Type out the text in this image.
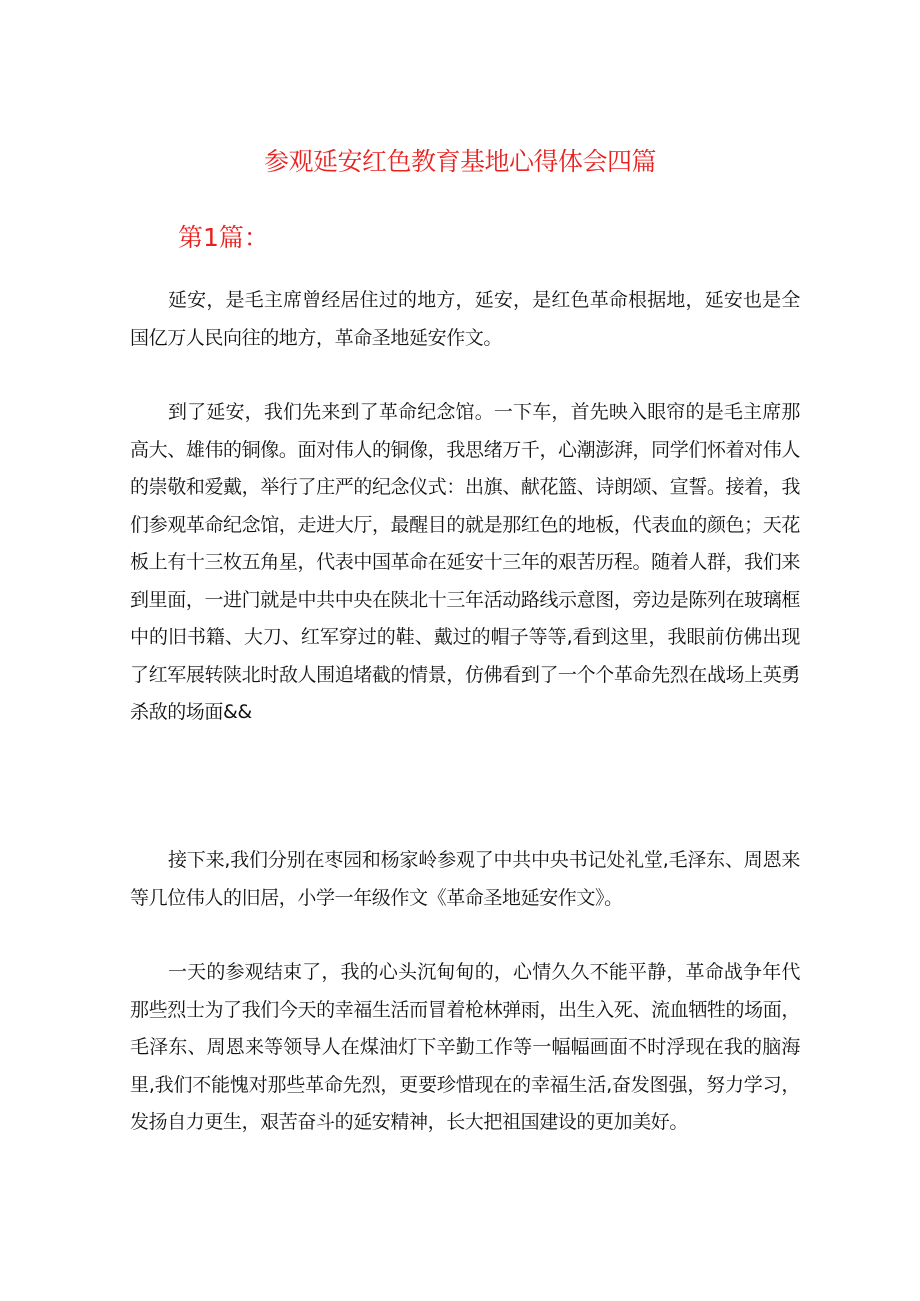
参观延安红色教育基地心得体会四篇
第1篇：

延安，是毛主席曾经居住过的地方，延安，是红色革命根据地，延安也是全国亿万人民向往的地方，革命圣地延安作文。

到了延安，我们先来到了革命纪念馆。一下车，首先映入眼帘的是毛主席那高大、雄伟的铜像。面对伟人的铜像，我思绪万千，心潮澎湃，同学们怀着对伟人的崇敬和爱戴，举行了庄严的纪念仪式：出旗、献花篮、诗朗颂、宣誓。接着，我们参观革命纪念馆，走进大厅，最醒目的就是那红色的地板，代表血的颜色；天花板上有十三枚五角星，代表中国革命在延安十三年的艰苦历程。随着人群，我们来到里面，一进门就是中共中央在陕北十三年活动路线示意图，旁边是陈列在玻璃框中的旧书籍、大刀、红军穿过的鞋、戴过的帽子等等,看到这里，我眼前仿佛出现了红军展转陕北时敌人围追堵截的情景，仿佛看到了一个个革命先烈在战场上英勇杀敌的场面&&

接下来,我们分别在枣园和杨家岭参观了中共中央书记处礼堂,毛泽东、周恩来等几位伟人的旧居，小学一年级作文《革命圣地延安作文》。

一天的参观结束了，我的心头沉甸甸的，心情久久不能平静，革命战争年代那些烈士为了我们今天的幸福生活而冒着枪林弹雨，出生入死、流血牺牲的场面，毛泽东、周恩来等领导人在煤油灯下辛勤工作等一幅幅画面不时浮现在我的脑海里,我们不能愧对那些革命先烈，更要珍惜现在的幸福生活,奋发图强，努力学习，发扬自力更生，艰苦奋斗的延安精神，长大把祖国建设的更加美好。
